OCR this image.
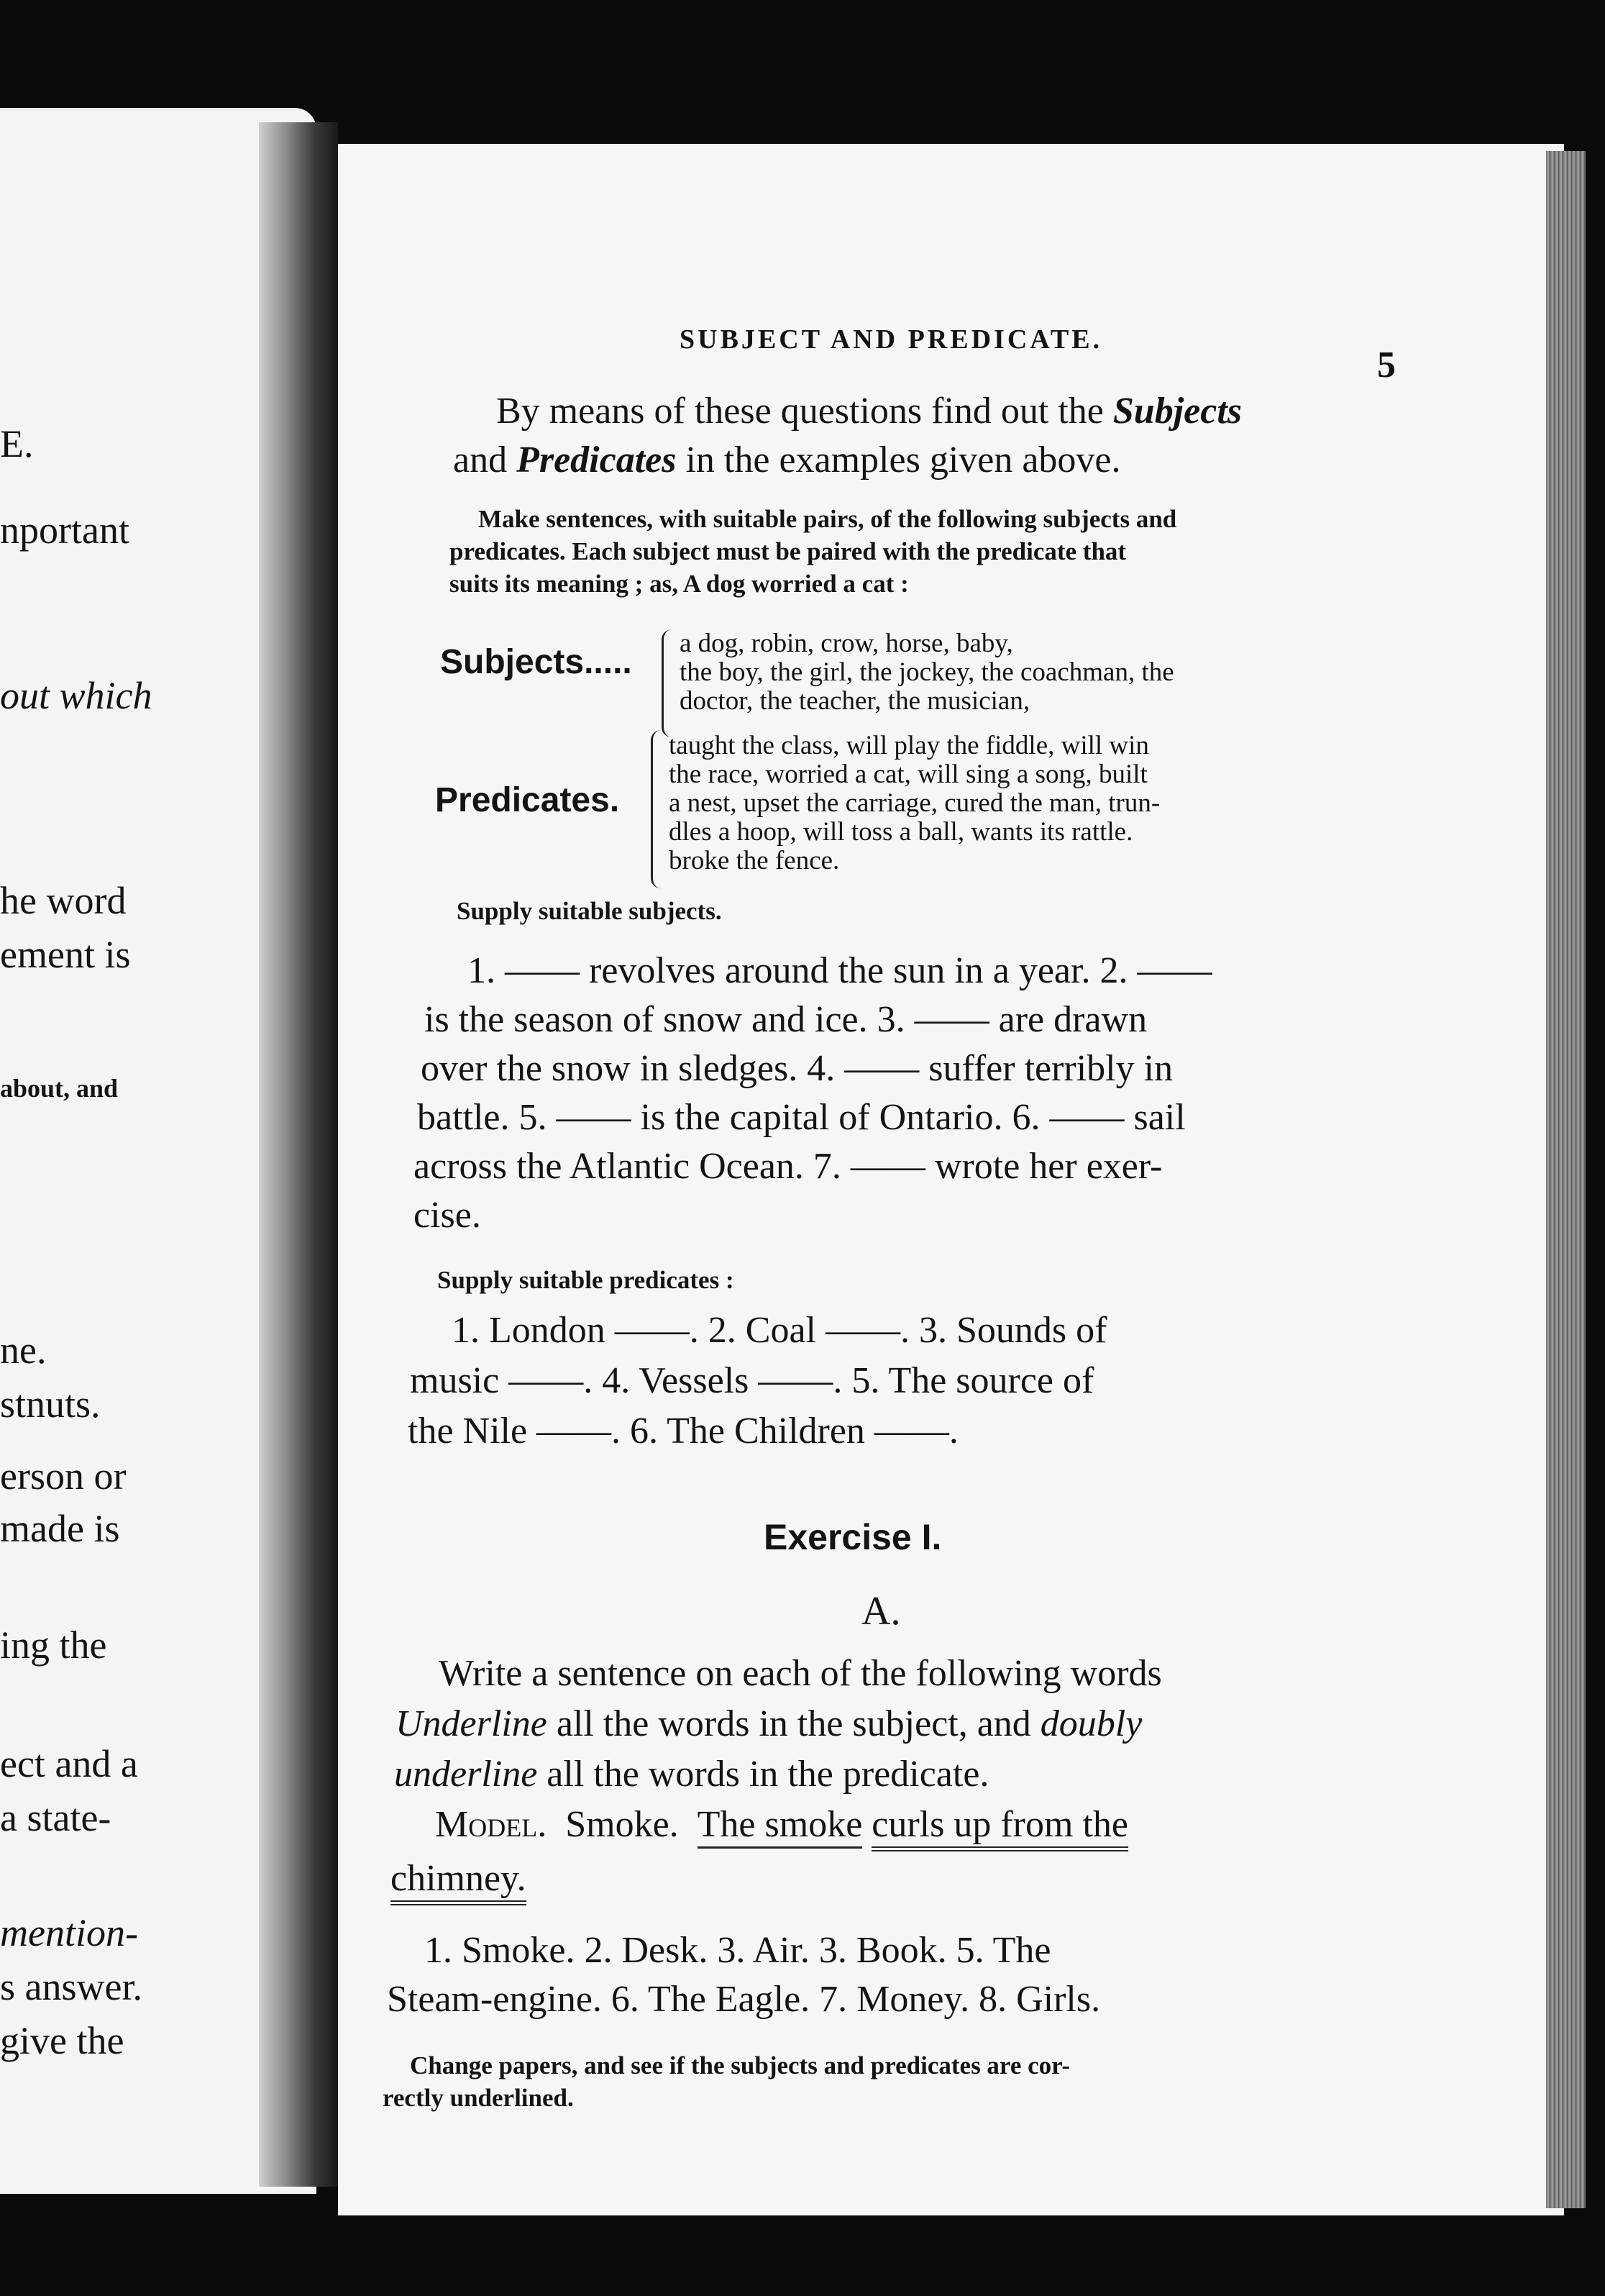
E.
nportant
out which
he word
ement is
about, and
ne.
stnuts.
erson or
made is
ing the
ect and a
a state-
mention-
s answer.
give the
SUBJECT AND PREDICATE.
5
By means of these questions find out the Subjects
and Predicates in the examples given above.
Make sentences, with suitable pairs, of the following subjects and
predicates. Each subject must be paired with the predicate that
suits its meaning ; as, A dog worried a cat :
Subjects..... a dog, robin, crow, horse, baby,
the boy, the girl, the jockey, the coachman, the
doctor, the teacher, the musician,
Predicates.
taught the class, will play the fiddle, will win
the race, worried a cat, will sing a song, built
a nest, upset the carriage, cured the man, trun-
dles a hoop, will toss a ball, wants its rattle.
broke the fence.
Supply suitable subjects.
1. —— revolves around the sun in a year. 2. ——
is the season of snow and ice. 3. —— are drawn
over the snow in sledges. 4. —— suffer terribly in
battle. 5. —— is the capital of Ontario. 6. —— sail
across the Atlantic Ocean. 7. —— wrote her exer-
cise.
Supply suitable predicates :
1. London ——. 2. Coal ——. 3. Sounds of
music ——. 4. Vessels ——. 5. The source of
the Nile ——. 6. The Children ——.
Exercise I.
A.
Write a sentence on each of the following words
Underline all the words in the subject, and doubly
underline all the words in the predicate.
Model. Smoke. The smoke curls up from the
chimney.
1. Smoke. 2. Desk. 3. Air. 3. Book. 5. The
Steam-engine. 6. The Eagle. 7. Money. 8. Girls.
Change papers, and see if the subjects and predicates are cor-
rectly underlined.
